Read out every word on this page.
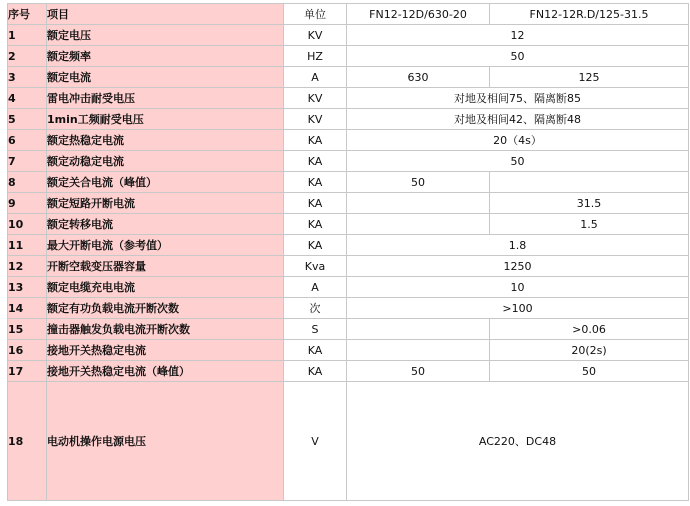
序号	项目	单位	FN12-12D/630-20	FN12-12R.D/125-31.5
1	额定电压	KV	12	
2	额定频率	HZ	50	
3	额定电流	A	630	125
4	雷电冲击耐受电压	KV	对地及相间75、隔离断85	
5	1min工频耐受电压	KV	对地及相间42、隔离断48	
6	额定热稳定电流	KA	20（4s）	
7	额定动稳定电流	KA	50	
8	额定关合电流（峰值）	KA	50	
9	额定短路开断电流	KA		31.5
10	额定转移电流	KA		1.5
11	最大开断电流（参考值）	KA	1.8	
12	开断空载变压器容量	Kva	1250	
13	额定电缆充电电流	A	10	
14	额定有功负载电流开断次数	次	>100	
15	撞击器触发负载电流开断次数	S		>0.06
16	接地开关热稳定电流	KA		20(2s)
17	接地开关热稳定电流（峰值）	KA	50	50
18	电动机操作电源电压	V	AC220、DC48	
